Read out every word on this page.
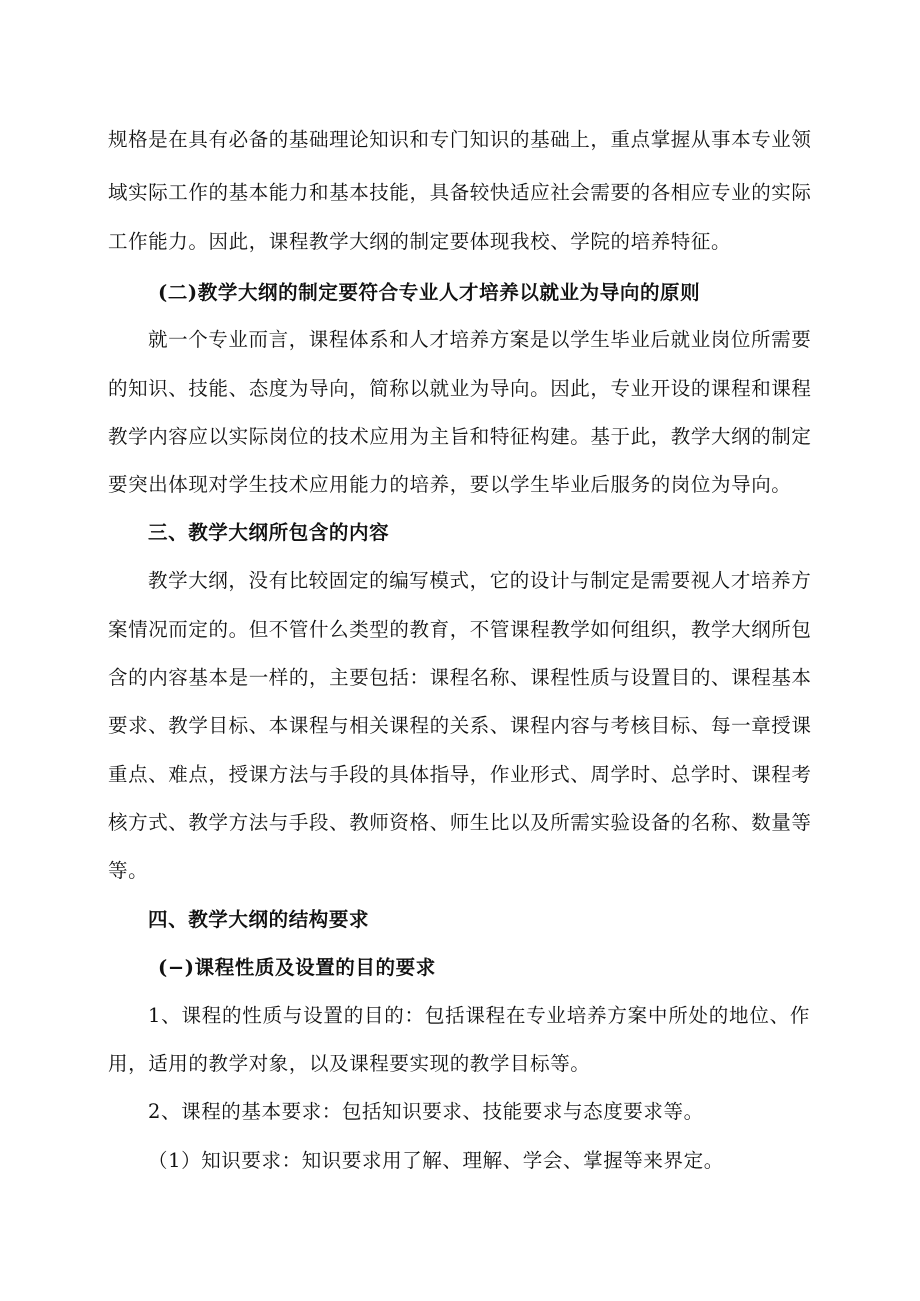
规格是在具有必备的基础理论知识和专门知识的基础上，重点掌握从事本专业领
域实际工作的基本能力和基本技能，具备较快适应社会需要的各相应专业的实际
工作能力。因此，课程教学大纲的制定要体现我校、学院的培养特征。
(二)教学大纲的制定要符合专业人才培养以就业为导向的原则
就一个专业而言，课程体系和人才培养方案是以学生毕业后就业岗位所需要
的知识、技能、态度为导向，简称以就业为导向。因此，专业开设的课程和课程
教学内容应以实际岗位的技术应用为主旨和特征构建。基于此，教学大纲的制定
要突出体现对学生技术应用能力的培养，要以学生毕业后服务的岗位为导向。
三、教学大纲所包含的内容
教学大纲，没有比较固定的编写模式，它的设计与制定是需要视人才培养方
案情况而定的。但不管什么类型的教育，不管课程教学如何组织，教学大纲所包
含的内容基本是一样的，主要包括：课程名称、课程性质与设置目的、课程基本
要求、教学目标、本课程与相关课程的关系、课程内容与考核目标、每一章授课
重点、难点，授课方法与手段的具体指导，作业形式、周学时、总学时、课程考
核方式、教学方法与手段、教师资格、师生比以及所需实验设备的名称、数量等
等。
四、教学大纲的结构要求
(−)课程性质及设置的目的要求
1、课程的性质与设置的目的：包括课程在专业培养方案中所处的地位、作
用，适用的教学对象，以及课程要实现的教学目标等。
2、课程的基本要求：包括知识要求、技能要求与态度要求等。
（1）知识要求：知识要求用了解、理解、学会、掌握等来界定。
